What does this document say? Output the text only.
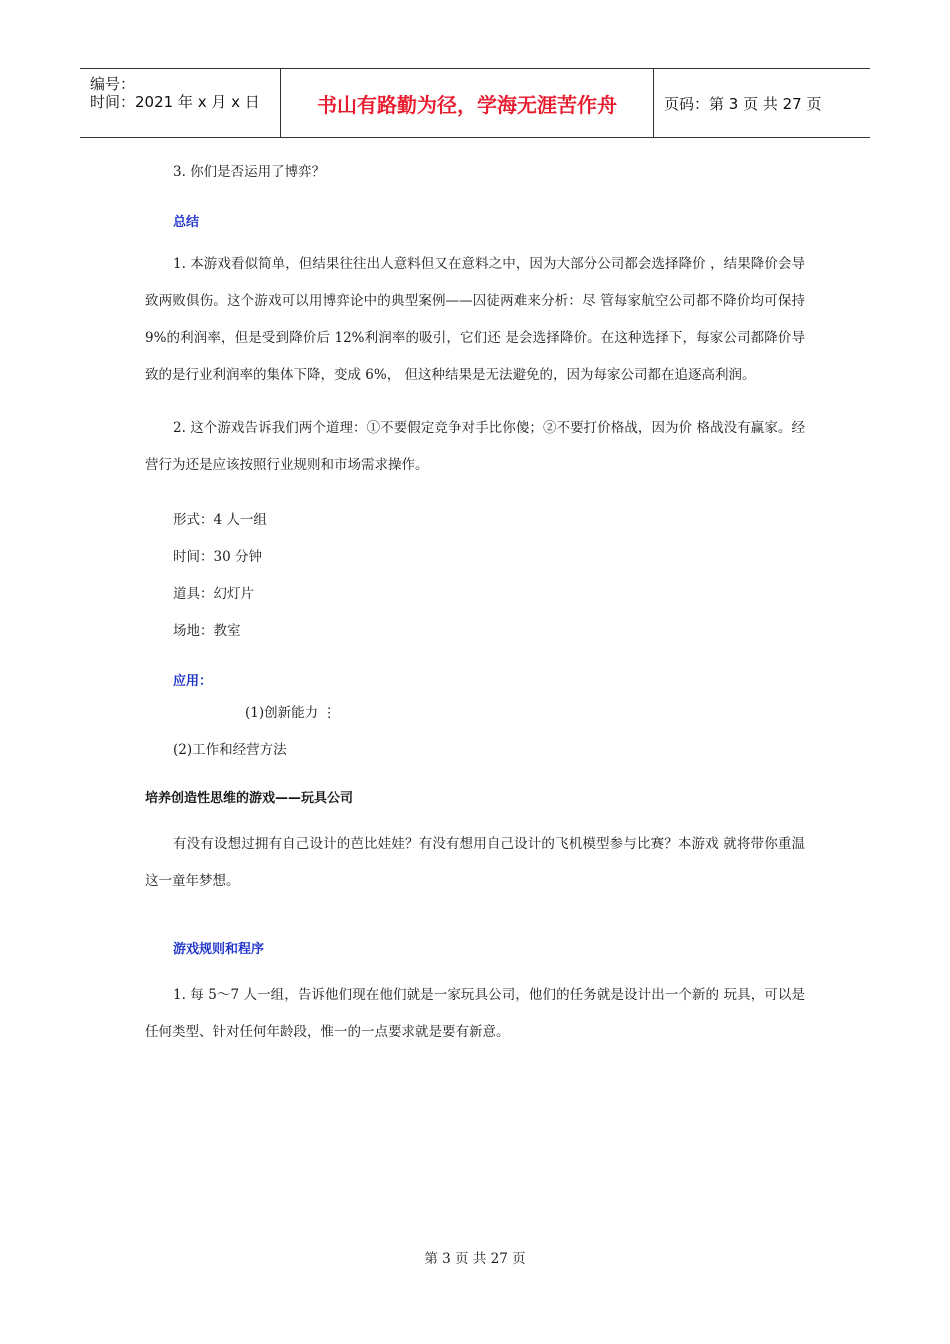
编号：
时间：2021 年 x 月 x 日	书山有路勤为径，学海无涯苦作舟	页码：第 3 页 共 27 页

3. 你们是否运用了博弈？

总结

1. 本游戏看似简单，但结果往往出人意料但又在意料之中，因为大部分公司都会选择降价 ，结果降价会导致两败俱伤。这个游戏可以用博弈论中的典型案例——囚徒两难来分析：尽 管每家航空公司都不降价均可保持 9%的利润率，但是受到降价后 12%利润率的吸引，它们还 是会选择降价。在这种选择下，每家公司都降价导致的是行业利润率的集体下降，变成 6%， 但这种结果是无法避免的，因为每家公司都在追逐高利润。

2. 这个游戏告诉我们两个道理：①不要假定竞争对手比你傻；②不要打价格战，因为价 格战没有赢家。经营行为还是应该按照行业规则和市场需求操作。

形式：4 人一组

时间：30 分钟

道具：幻灯片

场地：教室

应用：

(1)创新能力 ⋮

(2)工作和经营方法

培养创造性思维的游戏——玩具公司

有没有设想过拥有自己设计的芭比娃娃？有没有想用自己设计的飞机模型参与比赛？本游戏 就将带你重温这一童年梦想。

游戏规则和程序

1. 每 5～7 人一组，告诉他们现在他们就是一家玩具公司，他们的任务就是设计出一个新的 玩具，可以是任何类型、针对任何年龄段，惟一的一点要求就是要有新意。

第 3 页 共 27 页
